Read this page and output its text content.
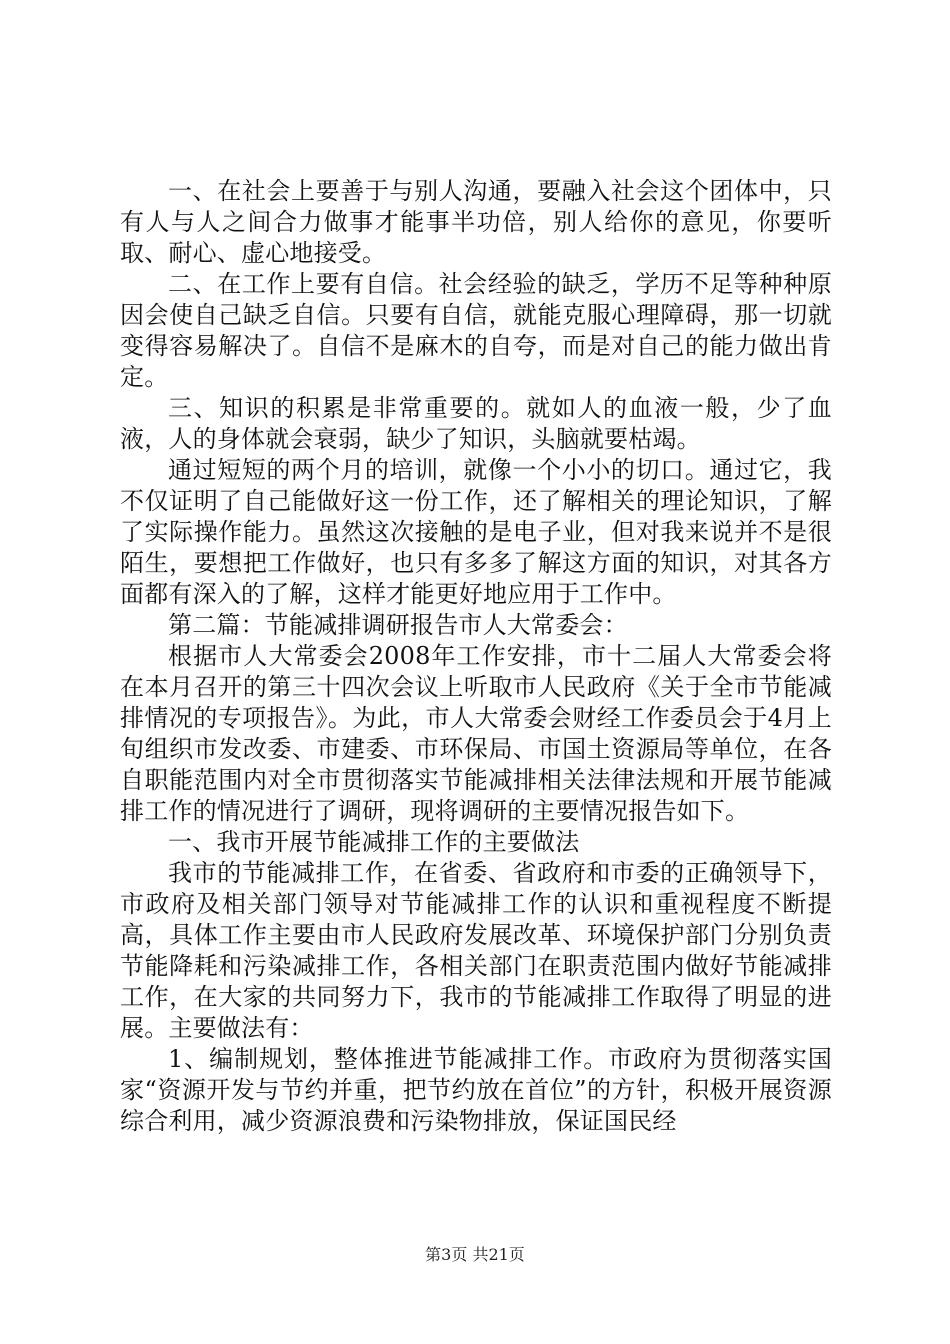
一、在社会上要善于与别人沟通，要融入社会这个团体中，只有人与人之间合力做事才能事半功倍，别人给你的意见，你要听取、耐心、虚心地接受。

二、在工作上要有自信。社会经验的缺乏，学历不足等种种原因会使自己缺乏自信。只要有自信，就能克服心理障碍，那一切就变得容易解决了。自信不是麻木的自夸，而是对自己的能力做出肯定。

三、知识的积累是非常重要的。就如人的血液一般，少了血液，人的身体就会衰弱，缺少了知识，头脑就要枯竭。

通过短短的两个月的培训，就像一个小小的切口。通过它，我不仅证明了自己能做好这一份工作，还了解相关的理论知识，了解了实际操作能力。虽然这次接触的是电子业，但对我来说并不是很陌生，要想把工作做好，也只有多多了解这方面的知识，对其各方面都有深入的了解，这样才能更好地应用于工作中。

第二篇：节能减排调研报告市人大常委会：

根据市人大常委会2008年工作安排，市十二届人大常委会将在本月召开的第三十四次会议上听取市人民政府《关于全市节能减排情况的专项报告》。为此，市人大常委会财经工作委员会于4月上旬组织市发改委、市建委、市环保局、市国土资源局等单位，在各自职能范围内对全市贯彻落实节能减排相关法律法规和开展节能减排工作的情况进行了调研，现将调研的主要情况报告如下。

一、我市开展节能减排工作的主要做法

我市的节能减排工作，在省委、省政府和市委的正确领导下，市政府及相关部门领导对节能减排工作的认识和重视程度不断提高，具体工作主要由市人民政府发展改革、环境保护部门分别负责节能降耗和污染减排工作，各相关部门在职责范围内做好节能减排工作，在大家的共同努力下，我市的节能减排工作取得了明显的进展。主要做法有：

1、编制规划，整体推进节能减排工作。市政府为贯彻落实国家“资源开发与节约并重，把节约放在首位”的方针，积极开展资源综合利用，减少资源浪费和污染物排放，保证国民经

第3页 共21页
